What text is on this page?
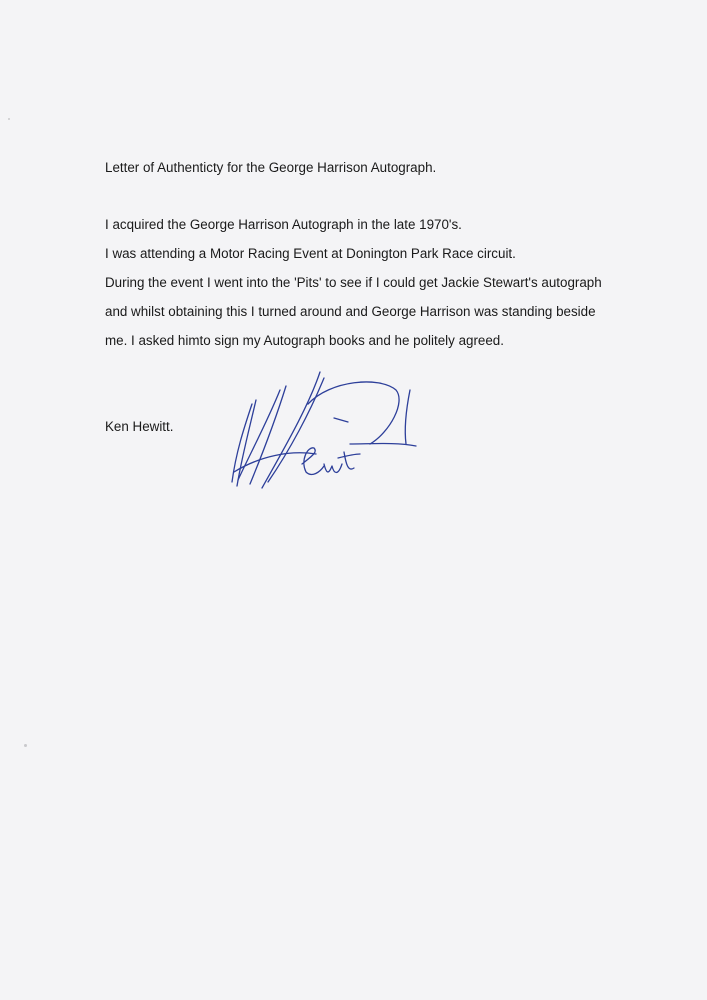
Letter of Authenticty for the George Harrison Autograph.
I acquired the George Harrison Autograph in the late 1970's.
I was attending a Motor Racing Event at Donington Park Race circuit.
During the event I went into the 'Pits' to see if I could get Jackie Stewart's autograph
and whilst obtaining this I turned around and George Harrison was standing beside
me. I asked himto sign my Autograph books and he politely agreed.
Ken Hewitt.
